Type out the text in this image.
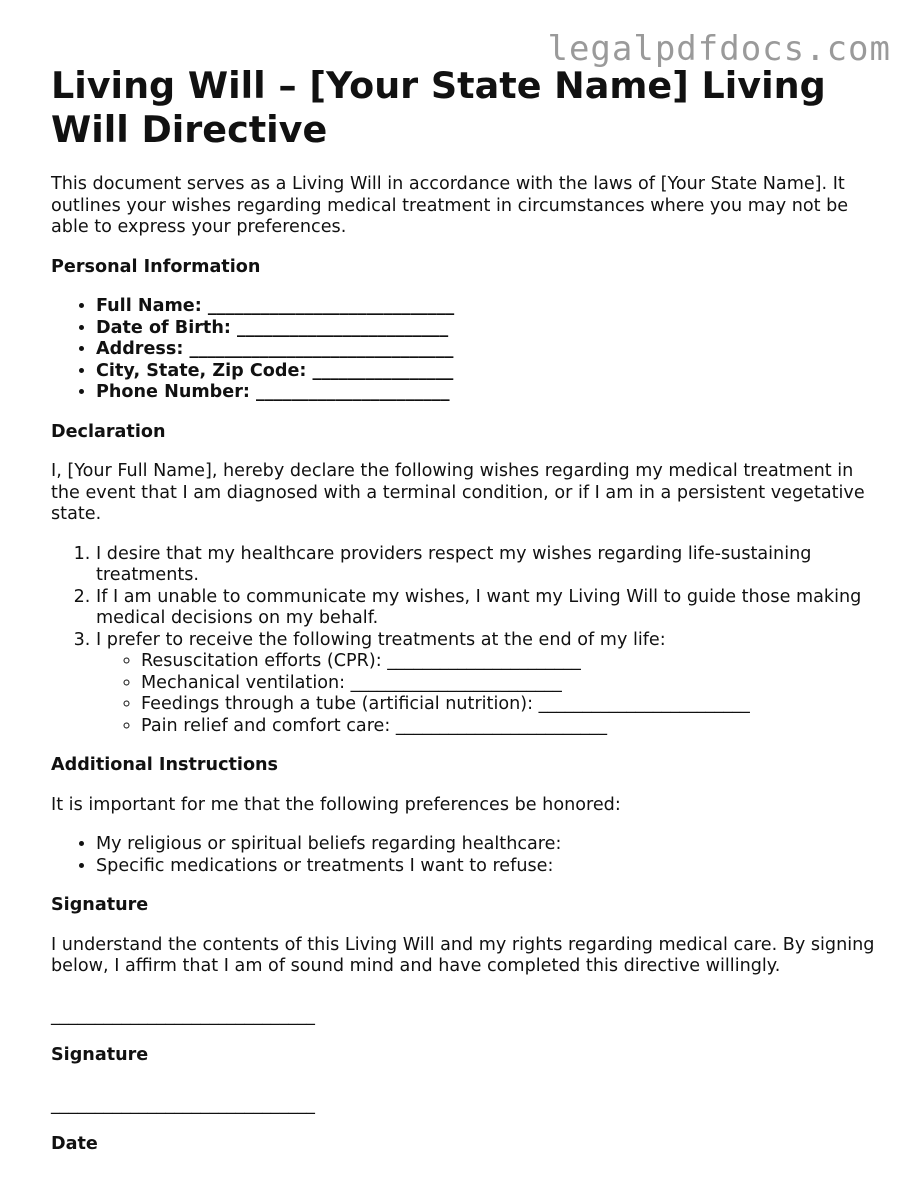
legalpdfdocs.com
Living Will – [Your State Name] Living Will Directive

This document serves as a Living Will in accordance with the laws of [Your State Name]. It outlines your wishes regarding medical treatment in circumstances where you may not be able to express your preferences.

Personal Information
• Full Name: ____________________________
• Date of Birth: ________________________
• Address: ______________________________
• City, State, Zip Code: ________________
• Phone Number: ______________________
Declaration

I, [Your Full Name], hereby declare the following wishes regarding my medical treatment in the event that I am diagnosed with a terminal condition, or if I am in a persistent vegetative state.

1. I desire that my healthcare providers respect my wishes regarding life-sustaining treatments.
2. If I am unable to communicate my wishes, I want my Living Will to guide those making medical decisions on my behalf.
3. I prefer to receive the following treatments at the end of my life:
◦ Resuscitation efforts (CPR): ______________________
◦ Mechanical ventilation: ________________________
◦ Feedings through a tube (artificial nutrition): ________________________
◦ Pain relief and comfort care: ________________________
Additional Instructions

It is important for me that the following preferences be honored:

• My religious or spiritual beliefs regarding healthcare:
• Specific medications or treatments I want to refuse:
Signature

I understand the contents of this Living Will and my rights regarding medical care. By signing below, I affirm that I am of sound mind and have completed this directive willingly.

______________________________
Signature
______________________________
Date
